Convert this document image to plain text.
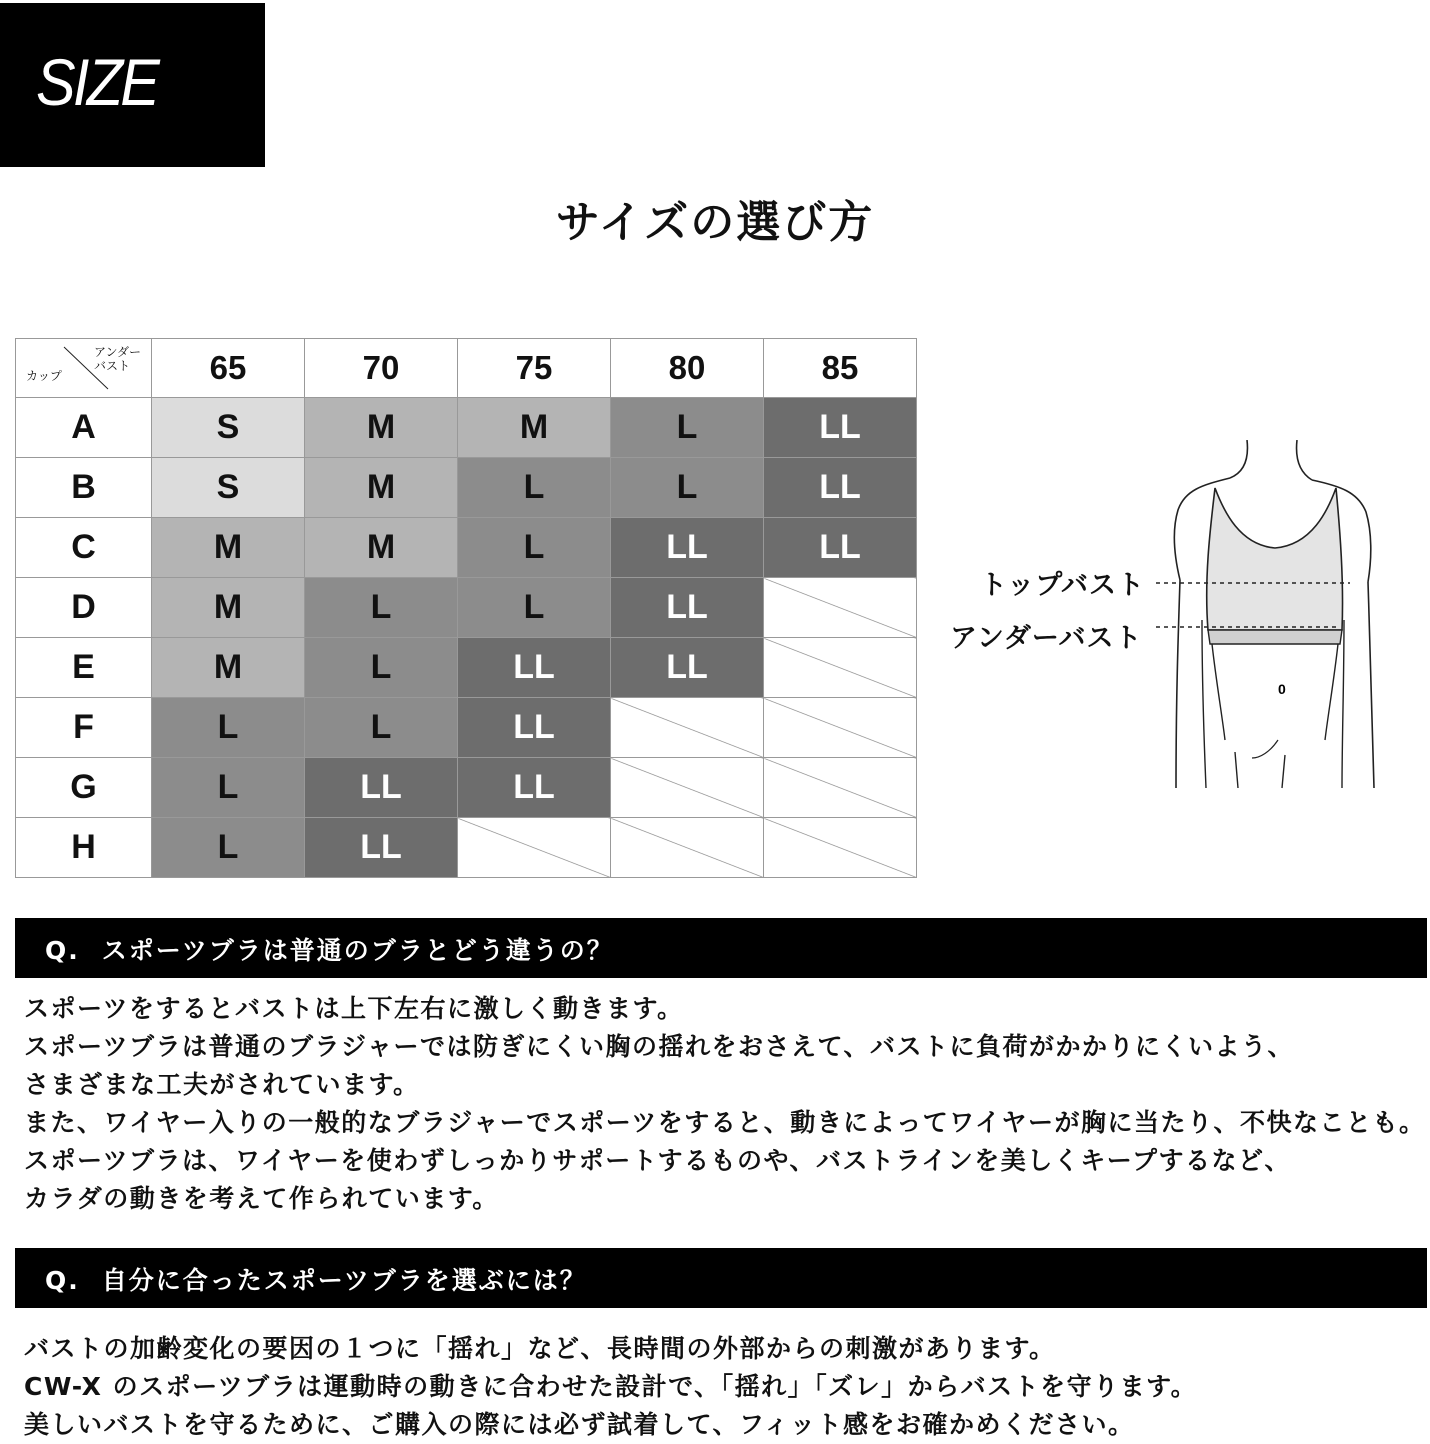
SIZE
サイズの選び方
アンダー
バスト
カップ	65	70	75	80	85
A	S	M	M	L	LL
B	S	M	L	L	LL
C	M	M	L	LL	LL
D	M	L	L	LL	
E	M	L	LL	LL	
F	L	L	LL		
G	L	LL	LL		
H	L	LL			
0
トップバスト
アンダーバスト
Q. スポーツブラは普通のブラとどう違うの？

スポーツをするとバストは上下左右に激しく動きます。

スポーツブラは普通のブラジャーでは防ぎにくい胸の揺れをおさえて、バストに負荷がかかりにくいよう、

さまざまな工夫がされています。

また、ワイヤー入りの一般的なブラジャーでスポーツをすると、動きによってワイヤーが胸に当たり、不快なことも。

スポーツブラは、ワイヤーを使わずしっかりサポートするものや、バストラインを美しくキープするなど、

カラダの動きを考えて作られています。

Q. 自分に合ったスポーツブラを選ぶには？

バストの加齢変化の要因の１つに「揺れ」など、長時間の外部からの刺激があります。

CW-X のスポーツブラは運動時の動きに合わせた設計で、「揺れ」「ズレ」からバストを守ります。

美しいバストを守るために、ご購入の際には必ず試着して、フィット感をお確かめください。
